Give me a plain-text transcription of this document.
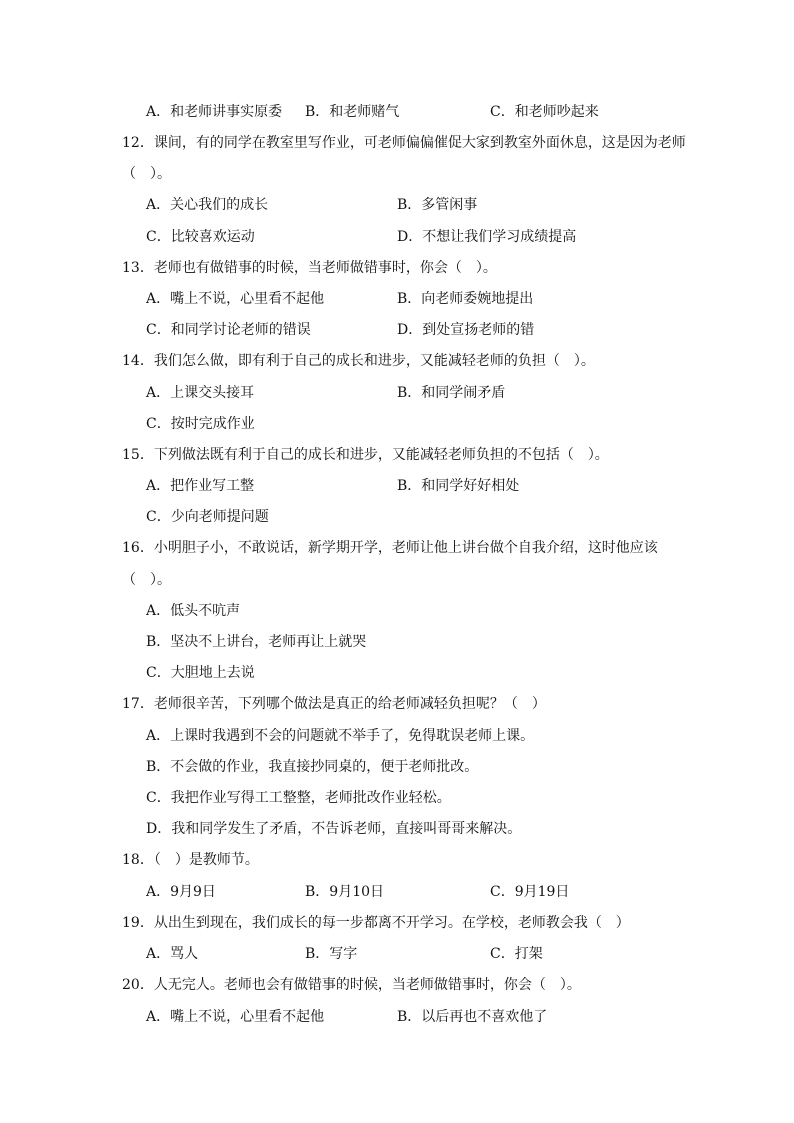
A．和老师讲事实原委 B．和老师赌气	C．和老师吵起来
12．课间，有的同学在教室里写作业，可老师偏偏催促大家到教室外面休息，这是因为老师
（　）。
A．关心我们的成长	B．多管闲事
C．比较喜欢运动	D．不想让我们学习成绩提高
13．老师也有做错事的时候，当老师做错事时，你会（　）。
A．嘴上不说，心里看不起他	B．向老师委婉地提出
C．和同学讨论老师的错误	D．到处宣扬老师的错
14．我们怎么做，即有利于自己的成长和进步，又能减轻老师的负担（　）。
A．上课交头接耳	B．和同学闹矛盾
C．按时完成作业
15．下列做法既有利于自己的成长和进步，又能减轻老师负担的不包括（　）。
A．把作业写工整	B．和同学好好相处
C．少向老师提问题
16．小明胆子小，不敢说话，新学期开学，老师让他上讲台做个自我介绍，这时他应该
（　）。
A．低头不吭声
B．坚决不上讲台，老师再让上就哭
C．大胆地上去说
17．老师很辛苦，下列哪个做法是真正的给老师减轻负担呢？（　）
A．上课时我遇到不会的问题就不举手了，免得耽误老师上课。
B．不会做的作业，我直接抄同桌的，便于老师批改。
C．我把作业写得工工整整，老师批改作业轻松。
D．我和同学发生了矛盾，不告诉老师，直接叫哥哥来解决。
18．（　）是教师节。
A．9月9日	B．9月10日	C．9月19日
19．从出生到现在，我们成长的每一步都离不开学习。在学校，老师教会我（　）
A．骂人	B．写字	C．打架
20．人无完人。老师也会有做错事的时候，当老师做错事时，你会（　）。
A．嘴上不说，心里看不起他	B．以后再也不喜欢他了
